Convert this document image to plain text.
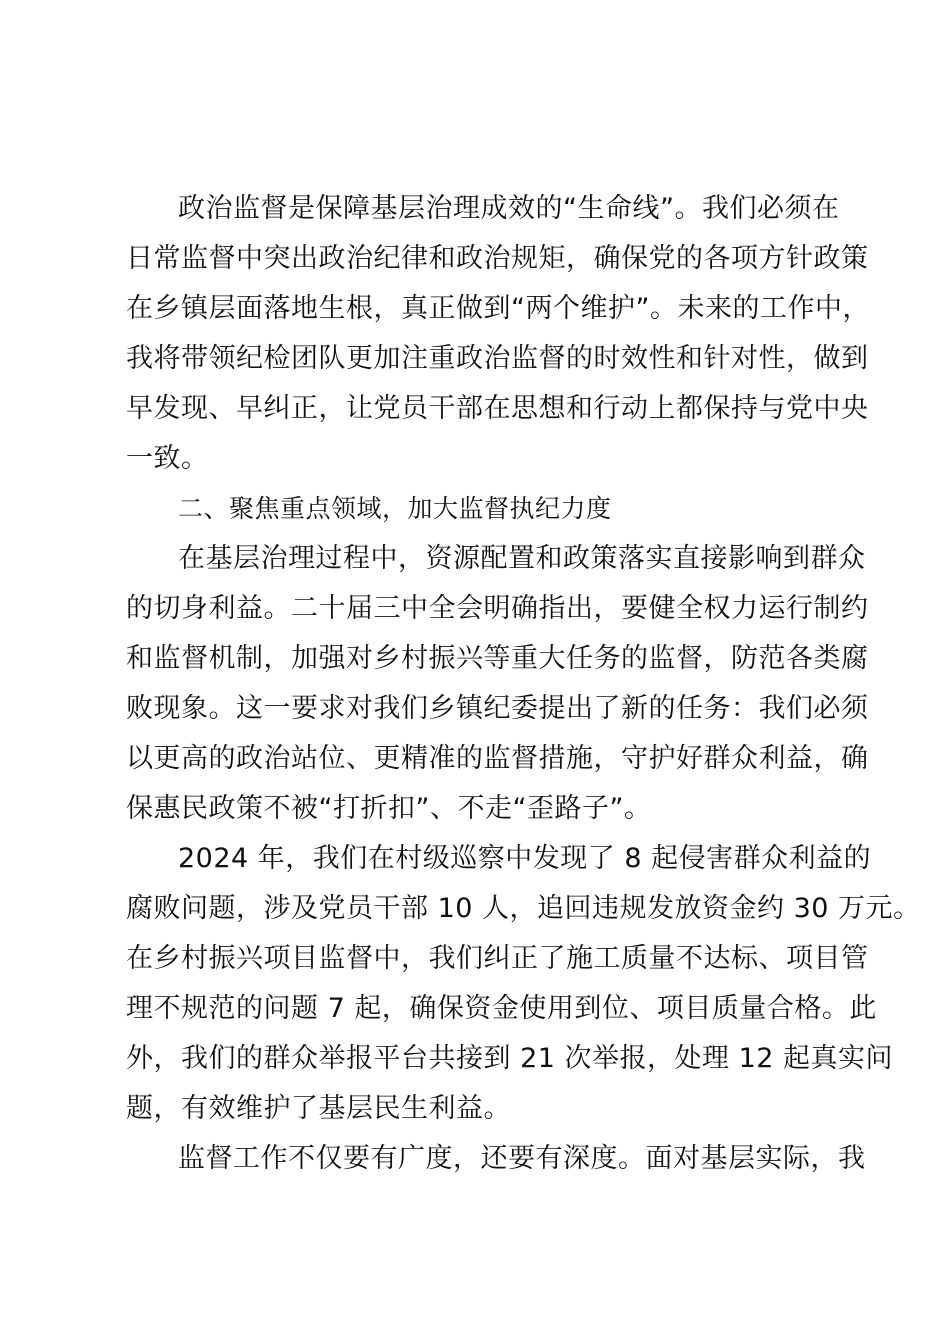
政治监督是保障基层治理成效的“生命线”。我们必须在
日常监督中突出政治纪律和政治规矩，确保党的各项方针政策
在乡镇层面落地生根，真正做到“两个维护”。未来的工作中，
我将带领纪检团队更加注重政治监督的时效性和针对性，做到
早发现、早纠正，让党员干部在思想和行动上都保持与党中央
一致。

二、聚焦重点领域，加大监督执纪力度

在基层治理过程中，资源配置和政策落实直接影响到群众
的切身利益。二十届三中全会明确指出，要健全权力运行制约
和监督机制，加强对乡村振兴等重大任务的监督，防范各类腐
败现象。这一要求对我们乡镇纪委提出了新的任务：我们必须
以更高的政治站位、更精准的监督措施，守护好群众利益，确
保惠民政策不被“打折扣”、不走“歪路子”。

2024 年，我们在村级巡察中发现了 8 起侵害群众利益的
腐败问题，涉及党员干部 10 人，追回违规发放资金约 30 万元。
在乡村振兴项目监督中，我们纠正了施工质量不达标、项目管
理不规范的问题 7 起，确保资金使用到位、项目质量合格。此
外，我们的群众举报平台共接到 21 次举报，处理 12 起真实问
题，有效维护了基层民生利益。

监督工作不仅要有广度，还要有深度。面对基层实际，我
